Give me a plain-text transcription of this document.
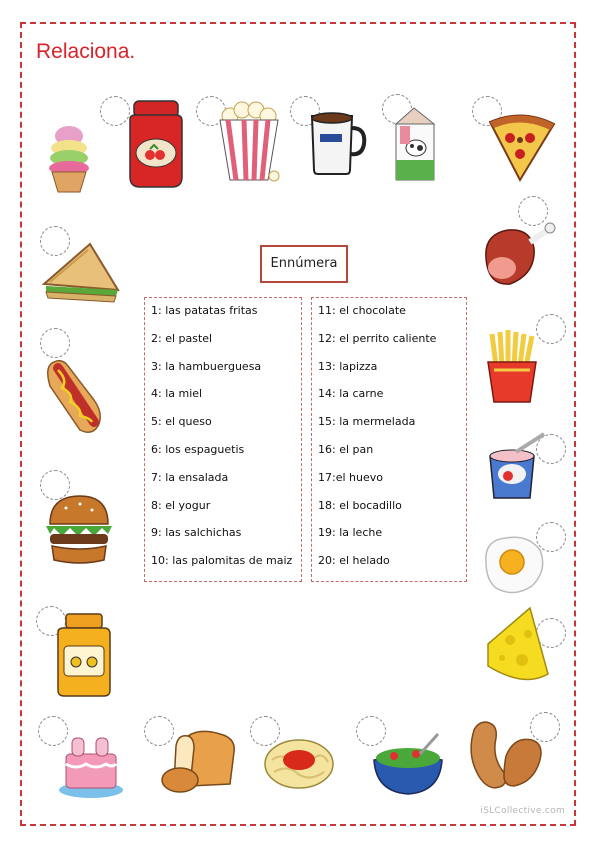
Relaciona.
Ennúmera
1: las patatas fritas
2: el pastel
3: la hambuerguesa
4: la miel
5: el queso
6: los espaguetis
7: la ensalada
8: el yogur
9: las salchichas
10: las palomitas de maiz
11: el chocolate
12: el perrito caliente
13: lapizza
14: la carne
15: la mermelada
16: el pan
17:el huevo
18: el bocadillo
19: la leche
20: el helado
iSLCollective.com
